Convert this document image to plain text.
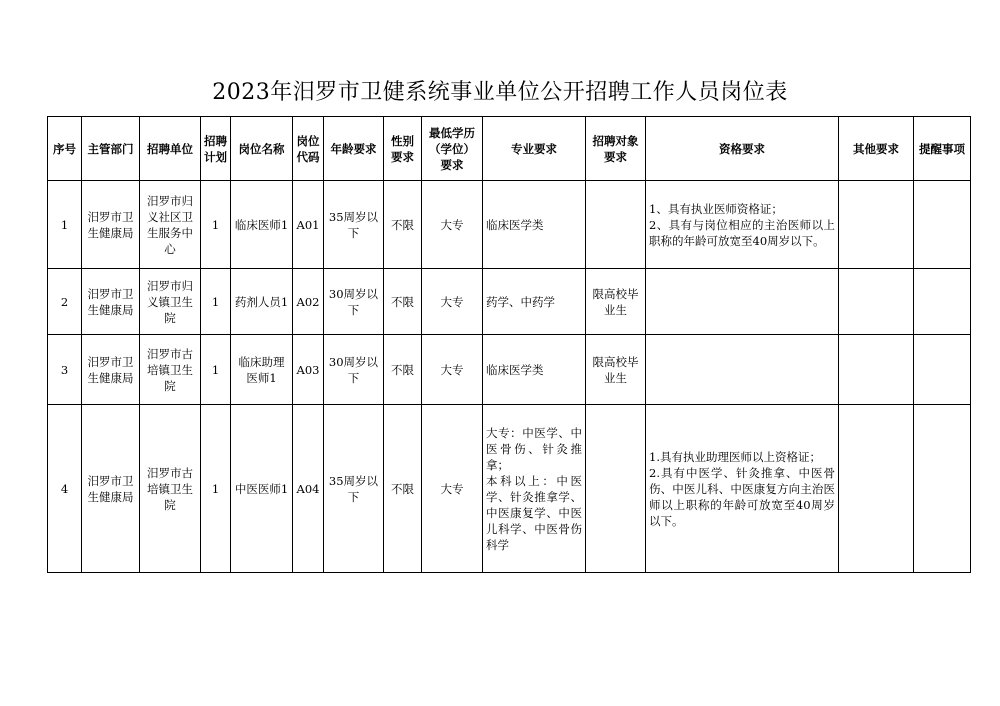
2023年汨罗市卫健系统事业单位公开招聘工作人员岗位表
序号	主管部门	招聘单位	招聘计划	岗位名称	岗位代码	年龄要求	性别要求	最低学历（学位）要求	专业要求	招聘对象要求	资格要求	其他要求	提醒事项
1	汨罗市卫生健康局	汨罗市归义社区卫生服务中心	1	临床医师1	A01	35周岁以下	不限	大专	临床医学类		1、具有执业医师资格证；
2、具有与岗位相应的主治医师以上职称的年龄可放宽至40周岁以下。		
2	汨罗市卫生健康局	汨罗市归义镇卫生院	1	药剂人员1	A02	30周岁以下	不限	大专	药学、中药学	限高校毕业生			
3	汨罗市卫生健康局	汨罗市古培镇卫生院	1	临床助理医师1	A03	30周岁以下	不限	大专	临床医学类	限高校毕业生			
4	汨罗市卫生健康局	汨罗市古培镇卫生院	1	中医医师1	A04	35周岁以下	不限	大专	大专：中医学、中医骨伤、针灸推拿；
本科以上：中医学、针灸推拿学、中医康复学、中医儿科学、中医骨伤科学		1.具有执业助理医师以上资格证；
2.具有中医学、针灸推拿、中医骨伤、中医儿科、中医康复方向主治医师以上职称的年龄可放宽至40周岁以下。		
